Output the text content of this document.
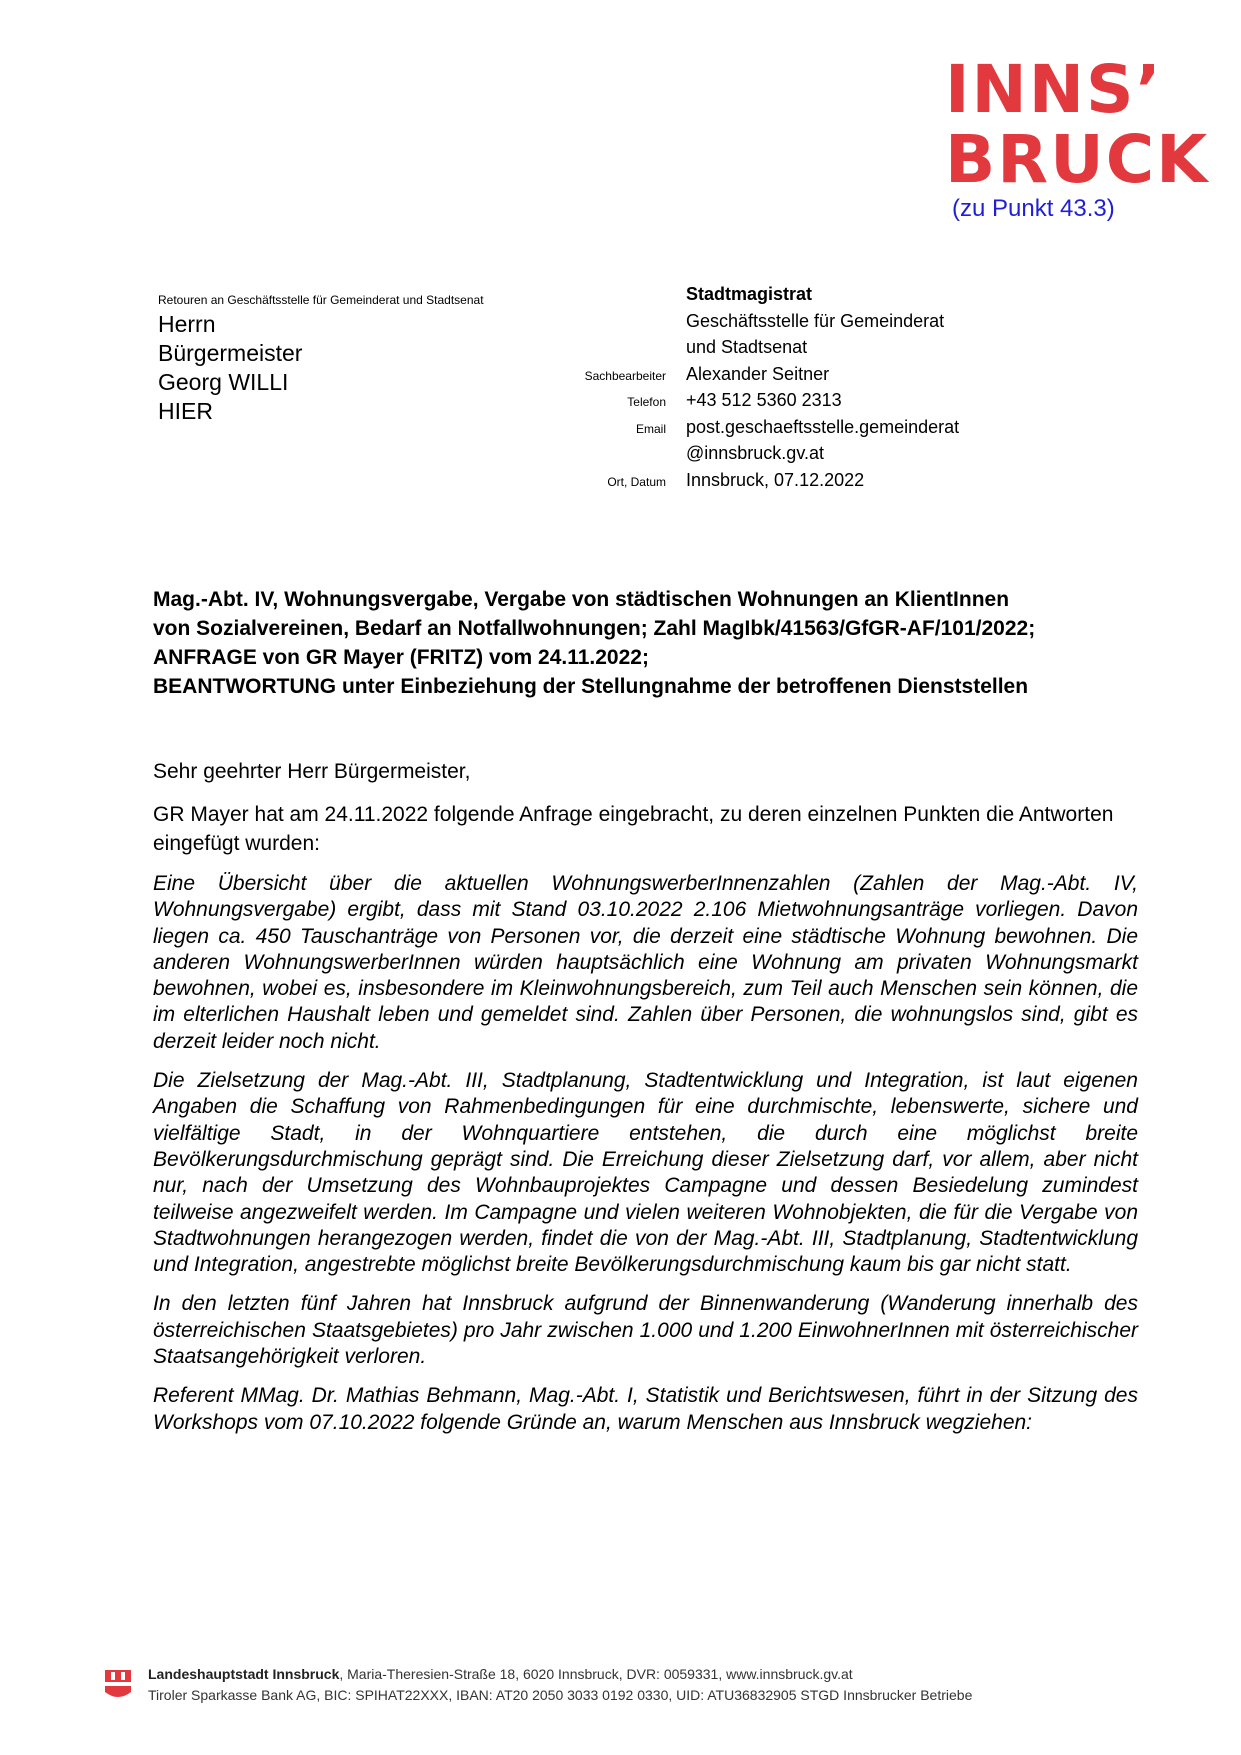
INNS’
BRUCK
(zu Punkt 43.3)
Retouren an Geschäftsstelle für Gemeinderat und Stadtsenat
Herrn
Bürgermeister
Georg WILLI
HIER
Stadtmagistrat
Geschäftsstelle für Gemeinderat
und Stadtsenat
Sachbearbeiter	Alexander Seitner
Telefon	+43 512 5360 2313
Email	post.geschaeftsstelle.gemeinderat
@innsbruck.gv.at
Ort, Datum	Innsbruck, 07.12.2022
Mag.-Abt. IV, Wohnungsvergabe, Vergabe von städtischen Wohnungen an KlientInnen
von Sozialvereinen, Bedarf an Notfallwohnungen; Zahl MagIbk/41563/GfGR-AF/101/2022;
ANFRAGE von GR Mayer (FRITZ) vom 24.11.2022;
BEANTWORTUNG unter Einbeziehung der Stellungnahme der betroffenen Dienststellen

Sehr geehrter Herr Bürgermeister,

GR Mayer hat am 24.11.2022 folgende Anfrage eingebracht, zu deren einzelnen Punkten die Antworten eingefügt wurden:

Eine Übersicht über die aktuellen WohnungswerberInnenzahlen (Zahlen der Mag.-Abt. IV, Wohnungsvergabe) ergibt, dass mit Stand 03.10.2022 2.106 Mietwohnungsanträge vorliegen. Davon liegen ca. 450 Tauschanträge von Personen vor, die derzeit eine städtische Wohnung bewohnen. Die anderen WohnungswerberInnen würden hauptsächlich eine Wohnung am privaten Wohnungsmarkt bewohnen, wobei es, insbesondere im Kleinwohnungsbereich, zum Teil auch Menschen sein können, die im elterlichen Haushalt leben und gemeldet sind. Zahlen über Personen, die wohnungslos sind, gibt es derzeit leider noch nicht.

Die Zielsetzung der Mag.-Abt. III, Stadtplanung, Stadtentwicklung und Integration, ist laut eigenen Angaben die Schaffung von Rahmenbedingungen für eine durchmischte, lebenswerte, sichere und vielfältige Stadt, in der Wohnquartiere entstehen, die durch eine möglichst breite Bevölkerungsdurchmischung geprägt sind. Die Erreichung dieser Zielsetzung darf, vor allem, aber nicht nur, nach der Umsetzung des Wohnbauprojektes Campagne und dessen Besiedelung zumindest teilweise angezweifelt werden. Im Campagne und vielen weiteren Wohnobjekten, die für die Vergabe von Stadtwohnungen herangezogen werden, findet die von der Mag.-Abt. III, Stadtplanung, Stadtentwicklung und Integration, angestrebte möglichst breite Bevölkerungsdurchmischung kaum bis gar nicht statt.

In den letzten fünf Jahren hat Innsbruck aufgrund der Binnenwanderung (Wanderung innerhalb des österreichischen Staatsgebietes) pro Jahr zwischen 1.000 und 1.200 EinwohnerInnen mit österreichischer Staatsangehörigkeit verloren.

Referent MMag. Dr. Mathias Behmann, Mag.-Abt. I, Statistik und Berichtswesen, führt in der Sitzung des Workshops vom 07.10.2022 folgende Gründe an, warum Menschen aus Innsbruck wegziehen:

Landeshauptstadt Innsbruck, Maria-Theresien-Straße 18, 6020 Innsbruck, DVR: 0059331, www.innsbruck.gv.at
Tiroler Sparkasse Bank AG, BIC: SPIHAT22XXX, IBAN: AT20 2050 3033 0192 0330, UID: ATU36832905 STGD Innsbrucker Betriebe
